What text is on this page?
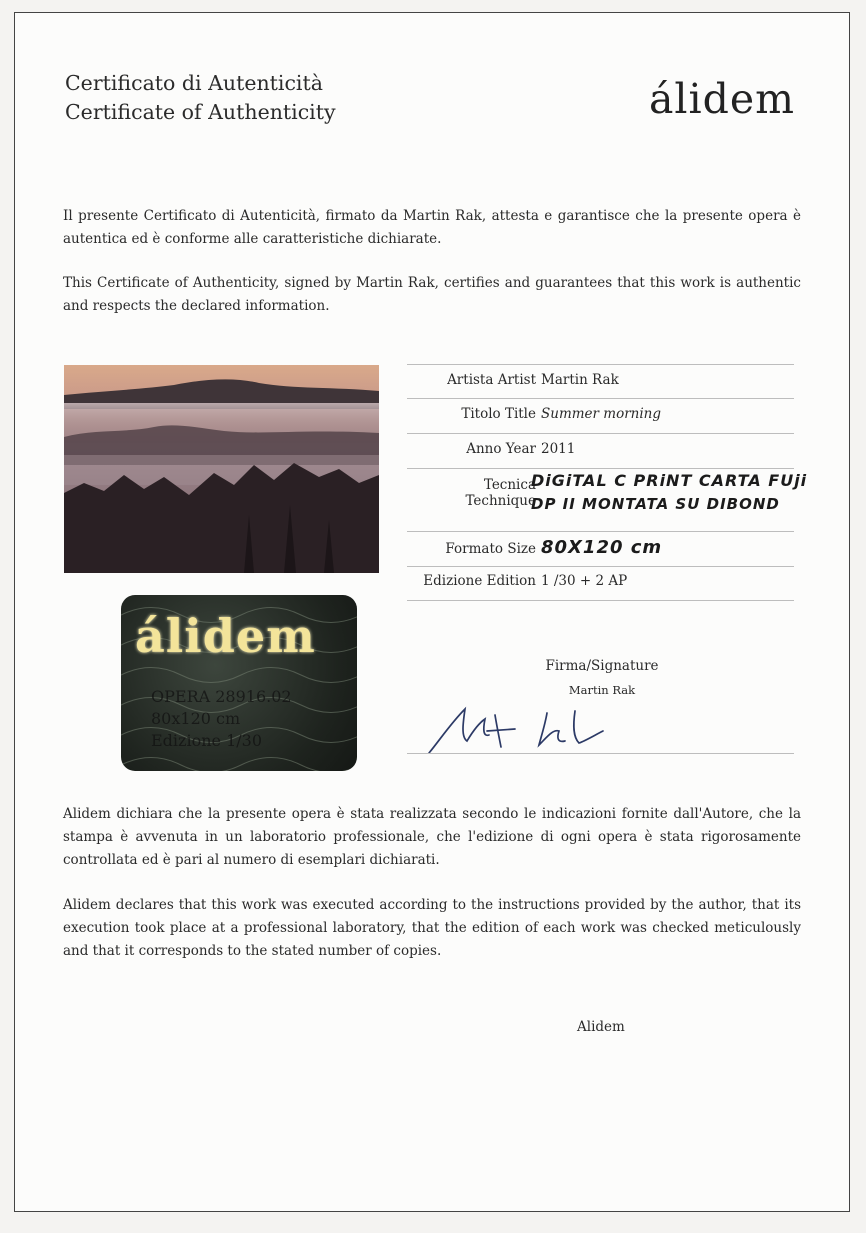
Certificato di Autenticità
Certificate of Authenticity	álidem
Il presente Certificato di Autenticità, firmato da Martin Rak, attesta e garantisce che la presente opera è autentica ed è conforme alle caratteristiche dichiarate.
This Certificate of Authenticity, signed by Martin Rak, certifies and guarantees that this work is authentic and respects the declared information.
álidem
OPERA 28916.02
80x120 cm
Edizione 1/30
Artista Artist Martin Rak
Titolo Title Summer morning
Anno Year 2011
Tecnica
Technique
DiGiTAL C PRiNT CARTA FUji
DP II MONTATA SU DIBOND
Formato Size 80X120 cm
Edizione Edition 1 /30 + 2 AP
Firma/Signature
Martin Rak
Alidem dichiara che la presente opera è stata realizzata secondo le indicazioni fornite dall'Autore, che la stampa è avvenuta in un laboratorio professionale, che l'edizione di ogni opera è stata rigorosamente controllata ed è pari al numero di esemplari dichiarati.
Alidem declares that this work was executed according to the instructions provided by the author, that its execution took place at a professional laboratory, that the edition of each work was checked meticulously and that it corresponds to the stated number of copies.
Alidem
